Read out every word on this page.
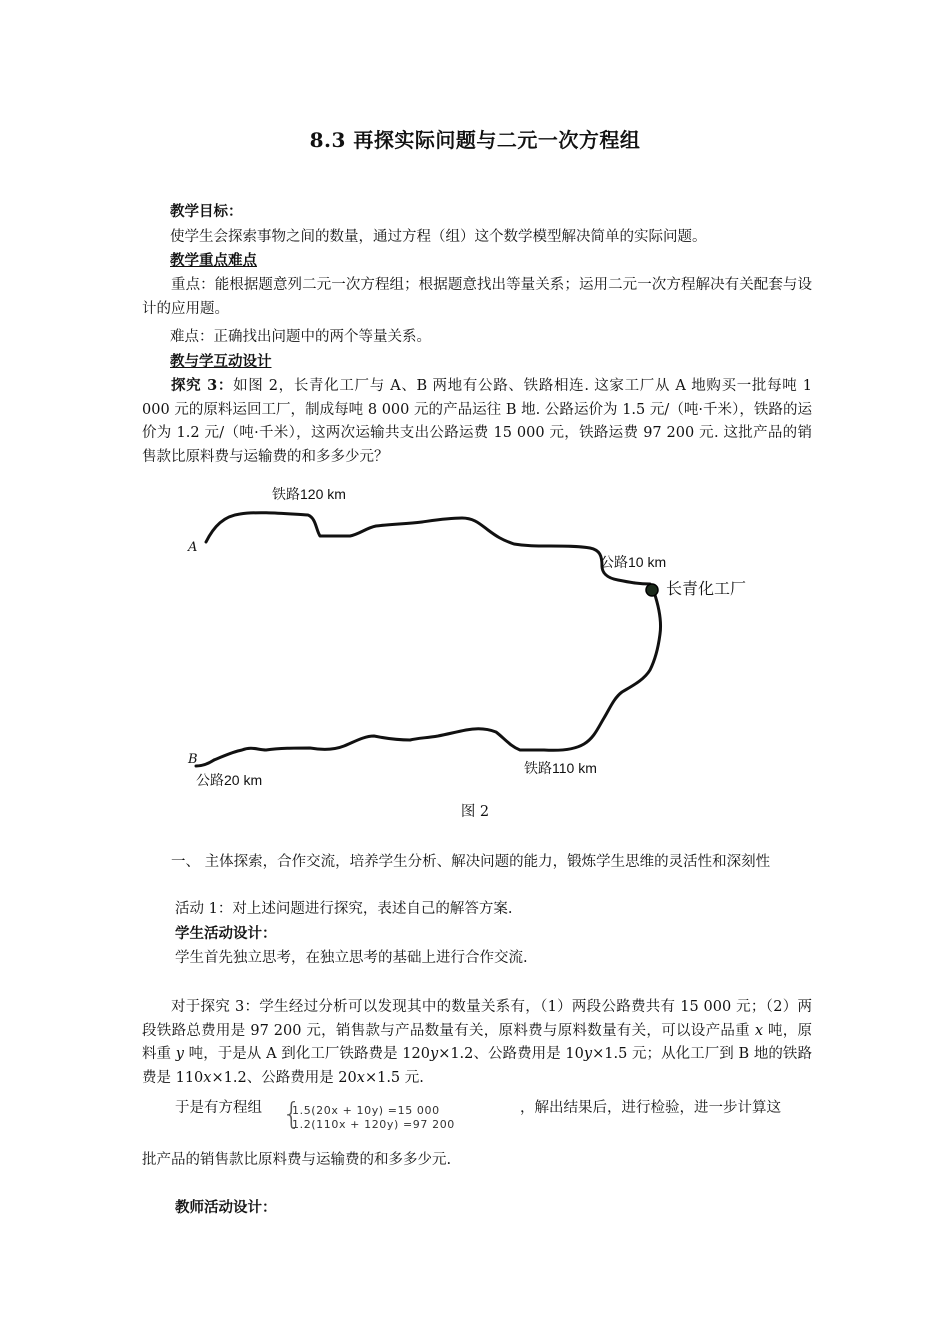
8.3 再探实际问题与二元一次方程组
教学目标：
使学生会探索事物之间的数量，通过方程（组）这个数学模型解决简单的实际问题。
教学重点难点
重点：能根据题意列二元一次方程组；根据题意找出等量关系；运用二元一次方程解决有关配套与设计的应用题。
难点：正确找出问题中的两个等量关系。
教与学互动设计
探究 3：如图 2，长青化工厂与 A、B 两地有公路、铁路相连. 这家工厂从 A 地购买一批每吨 1 000 元的原料运回工厂，制成每吨 8 000 元的产品运往 B 地. 公路运价为 1.5 元/（吨·千米），铁路的运价为 1.2 元/（吨·千米），这两次运输共支出公路运费 15 000 元，铁路运费 97 200 元. 这批产品的销售款比原料费与运输费的和多多少元？
A
B
铁路120 km
公路10 km
长青化工厂
铁路110 km
公路20 km
图 2
一、 主体探索，合作交流，培养学生分析、解决问题的能力，锻炼学生思维的灵活性和深刻性
活动 1：对上述问题进行探究，表述自己的解答方案.
学生活动设计：
学生首先独立思考，在独立思考的基础上进行合作交流.
对于探究 3：学生经过分析可以发现其中的数量关系有，（1）两段公路费共有 15 000 元；（2）两段铁路总费用是 97 200 元，销售款与产品数量有关，原料费与原料数量有关，可以设产品重 x 吨，原料重 y 吨，于是从 A 到化工厂铁路费是 120y×1.2、公路费用是 10y×1.5 元；从化工厂到 B 地的铁路费是 110x×1.2、公路费用是 20x×1.5 元.
于是有方程组 {
1.5(20x + 10y) =15 000
1.2(110x + 120y) =97 200
，解出结果后，进行检验，进一步计算这
批产品的销售款比原料费与运输费的和多多少元.
教师活动设计：
